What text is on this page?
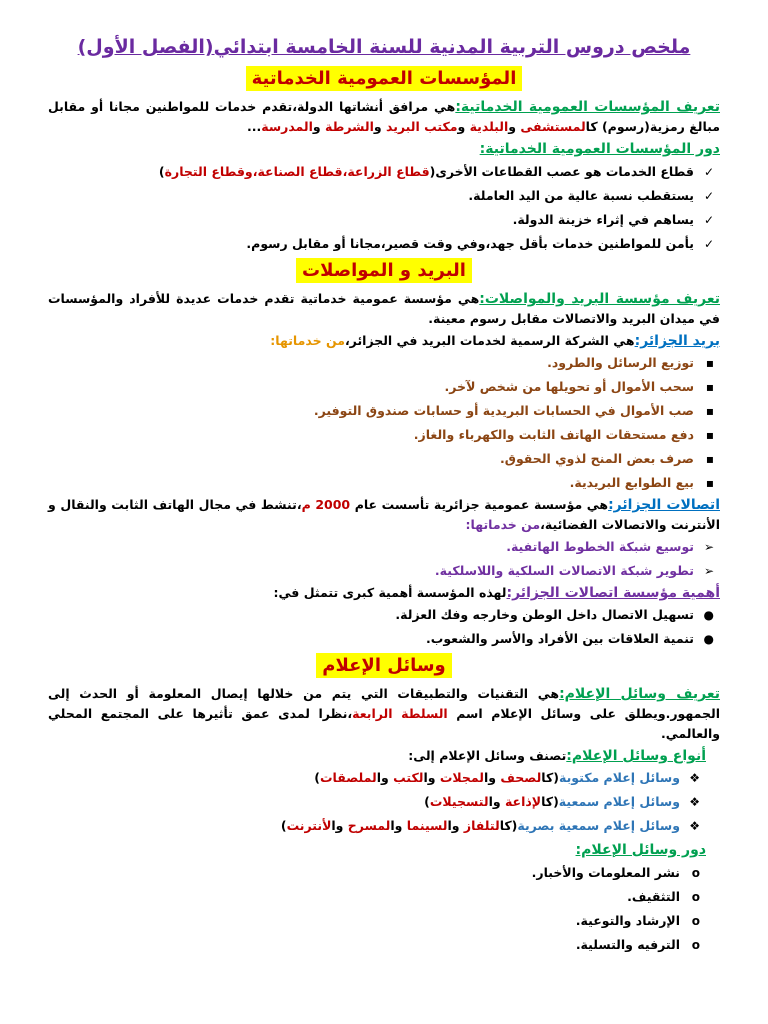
ملخص دروس التربية المدنية للسنة الخامسة ابتدائي(الفصل الأول)
المؤسسات العمومية الخدماتية

تعريف المؤسسات العمومية الخدماتية:هي مرافق أنشاتها الدولة،تقدم خدمات للمواطنين مجانا أو مقابل مبالغ رمزية(رسوم) كالمستشفى والبلدية ومكتب البريد والشرطة والمدرسة...

دور المؤسسات العمومية الخدماتية:

✓
قطاع الخدمات هو عصب القطاعات الأخرى(قطاع الزراعة،قطاع الصناعة،وقطاع التجارة)
✓
يستقطب نسبة عالية من اليد العاملة.
✓
يساهم في إثراء خزينة الدولة.
✓
يأمن للمواطنين خدمات بأقل جهد،وفي وقت قصير،مجانا أو مقابل رسوم.
البريد و المواصلات

تعريف مؤسسة البريد والمواصلات:هي مؤسسة عمومية خدماتية تقدم خدمات عديدة للأفراد والمؤسسات في ميدان البريد والاتصالات مقابل رسوم معينة.

بريد الجزائر:هي الشركة الرسمية لخدمات البريد في الجزائر،من خدماتها:

▪
توزيع الرسائل والطرود.
▪
سحب الأموال أو تحويلها من شخص لآخر.
▪
صب الأموال في الحسابات البريدية أو حسابات صندوق التوفير.
▪
دفع مستحقات الهاتف الثابت والكهرباء والغاز.
▪
صرف بعض المنح لذوي الحقوق.
▪
بيع الطوابع البريدية.

اتصالات الجزائر:هي مؤسسة عمومية جزائرية تأسست عام 2000 م،تنشط في مجال الهاتف الثابت والنقال و الأنترنت والاتصالات الفضائية،من خدماتها:

➢
توسيع شبكة الخطوط الهاتفية.
➢
تطوير شبكة الاتصالات السلكية واللاسلكية.

أهمية مؤسسة اتصالات الجزائر:لهذه المؤسسة أهمية كبرى تتمثل في:

●
تسهيل الاتصال داخل الوطن وخارجه وفك العزلة.
●
تنمية العلاقات بين الأفراد والأسر والشعوب.
وسائل الإعلام

تعريف وسائل الإعلام:هي التقنيات والتطبيقات التي يتم من خلالها إيصال المعلومة أو الحدث إلى الجمهور.ويطلق على وسائل الإعلام اسم السلطة الرابعة،نظرا لمدى عمق تأثيرها على المجتمع المحلي والعالمي.

أنواع وسائل الإعلام:تصنف وسائل الإعلام إلى:

❖
وسائل إعلام مكتوبة(كالصحف والمجلات والكتب والملصقات)
❖
وسائل إعلام سمعية(كالإذاعة والتسجيلات)
❖
وسائل إعلام سمعية بصرية(كالتلفاز والسينما والمسرح والأنترنت)

دور وسائل الإعلام:

o
نشر المعلومات والأخبار.
o
التثقيف.
o
الإرشاد والتوعية.
o
الترفيه والتسلية.
